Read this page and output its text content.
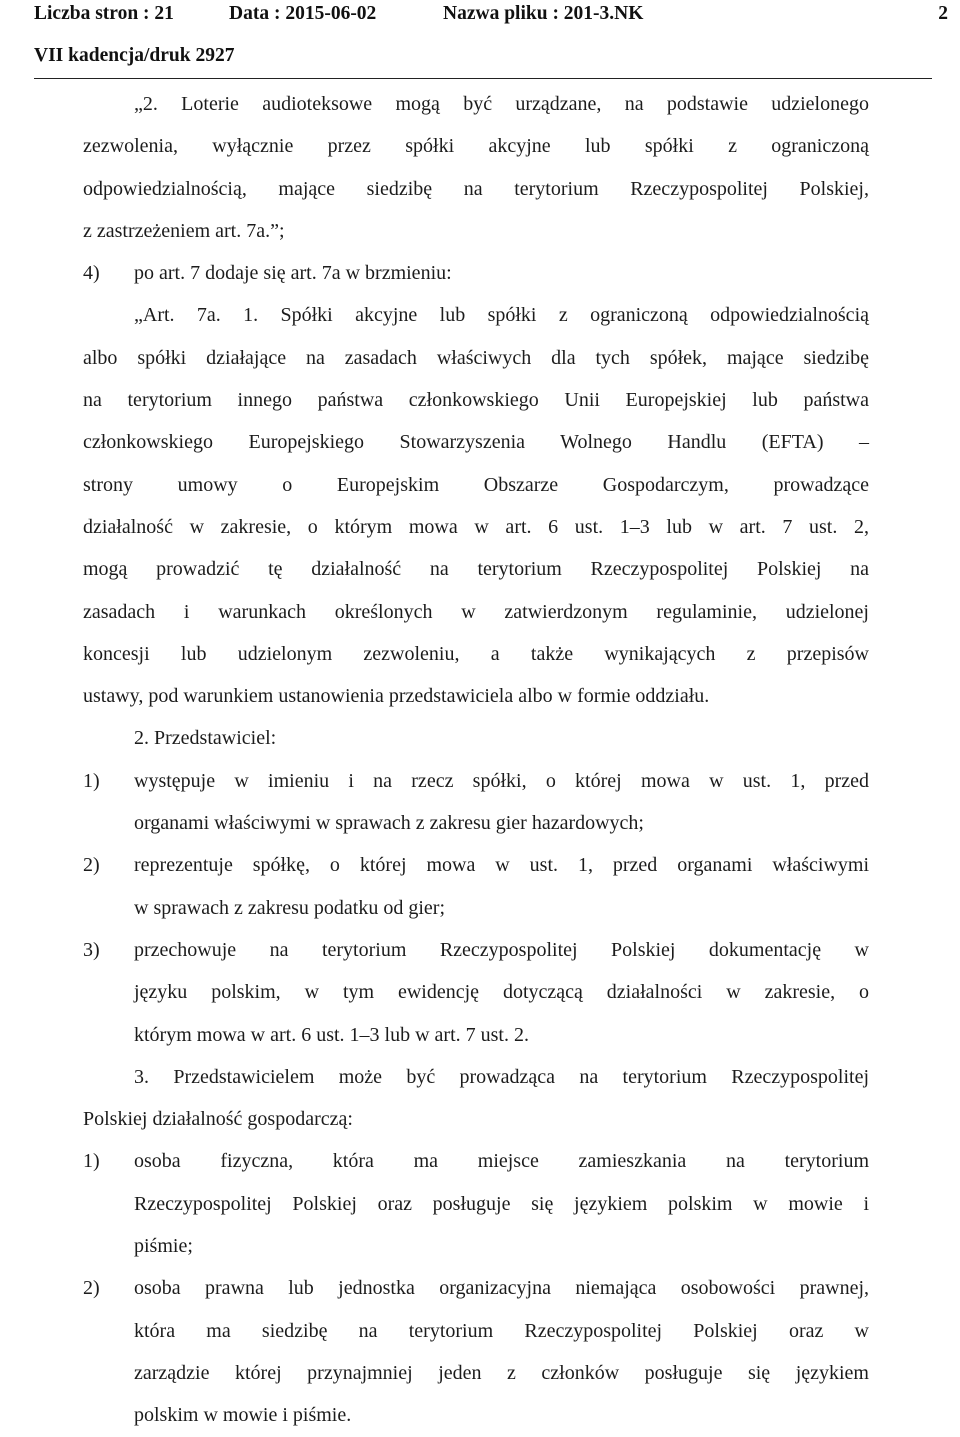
Liczba stron : 21	Data : 2015-06-02	Nazwa pliku : 201-3.NK	2
VII kadencja/druk 2927
„2. Loterie audioteksowe mogą być urządzane, na podstawie udzielonego
zezwolenia, wyłącznie przez spółki akcyjne lub spółki z ograniczoną
odpowiedzialnością, mające siedzibę na terytorium Rzeczypospolitej Polskiej,
z zastrzeżeniem art. 7a.”;
4) po art. 7 dodaje się art. 7a w brzmieniu:
„Art. 7a. 1. Spółki akcyjne lub spółki z ograniczoną odpowiedzialnością
albo spółki działające na zasadach właściwych dla tych spółek, mające siedzibę
na terytorium innego państwa członkowskiego Unii Europejskiej lub państwa
członkowskiego Europejskiego Stowarzyszenia Wolnego Handlu (EFTA) –
strony umowy o Europejskim Obszarze Gospodarczym, prowadzące
działalność w zakresie, o którym mowa w art. 6 ust. 1–3 lub w art. 7 ust. 2,
mogą prowadzić tę działalność na terytorium Rzeczypospolitej Polskiej na
zasadach i warunkach określonych w zatwierdzonym regulaminie, udzielonej
koncesji lub udzielonym zezwoleniu, a także wynikających z przepisów
ustawy, pod warunkiem ustanowienia przedstawiciela albo w formie oddziału.
2. Przedstawiciel:
1) występuje w imieniu i na rzecz spółki, o której mowa w ust. 1, przed
organami właściwymi w sprawach z zakresu gier hazardowych;
2) reprezentuje spółkę, o której mowa w ust. 1, przed organami właściwymi
w sprawach z zakresu podatku od gier;
3) przechowuje na terytorium Rzeczypospolitej Polskiej dokumentację w
języku polskim, w tym ewidencję dotyczącą działalności w zakresie, o
którym mowa w art. 6 ust. 1–3 lub w art. 7 ust. 2.
3. Przedstawicielem może być prowadząca na terytorium Rzeczypospolitej
Polskiej działalność gospodarczą:
1) osoba fizyczna, która ma miejsce zamieszkania na terytorium
Rzeczypospolitej Polskiej oraz posługuje się językiem polskim w mowie i
piśmie;
2) osoba prawna lub jednostka organizacyjna niemająca osobowości prawnej,
która ma siedzibę na terytorium Rzeczypospolitej Polskiej oraz w
zarządzie której przynajmniej jeden z członków posługuje się językiem
polskim w mowie i piśmie.
